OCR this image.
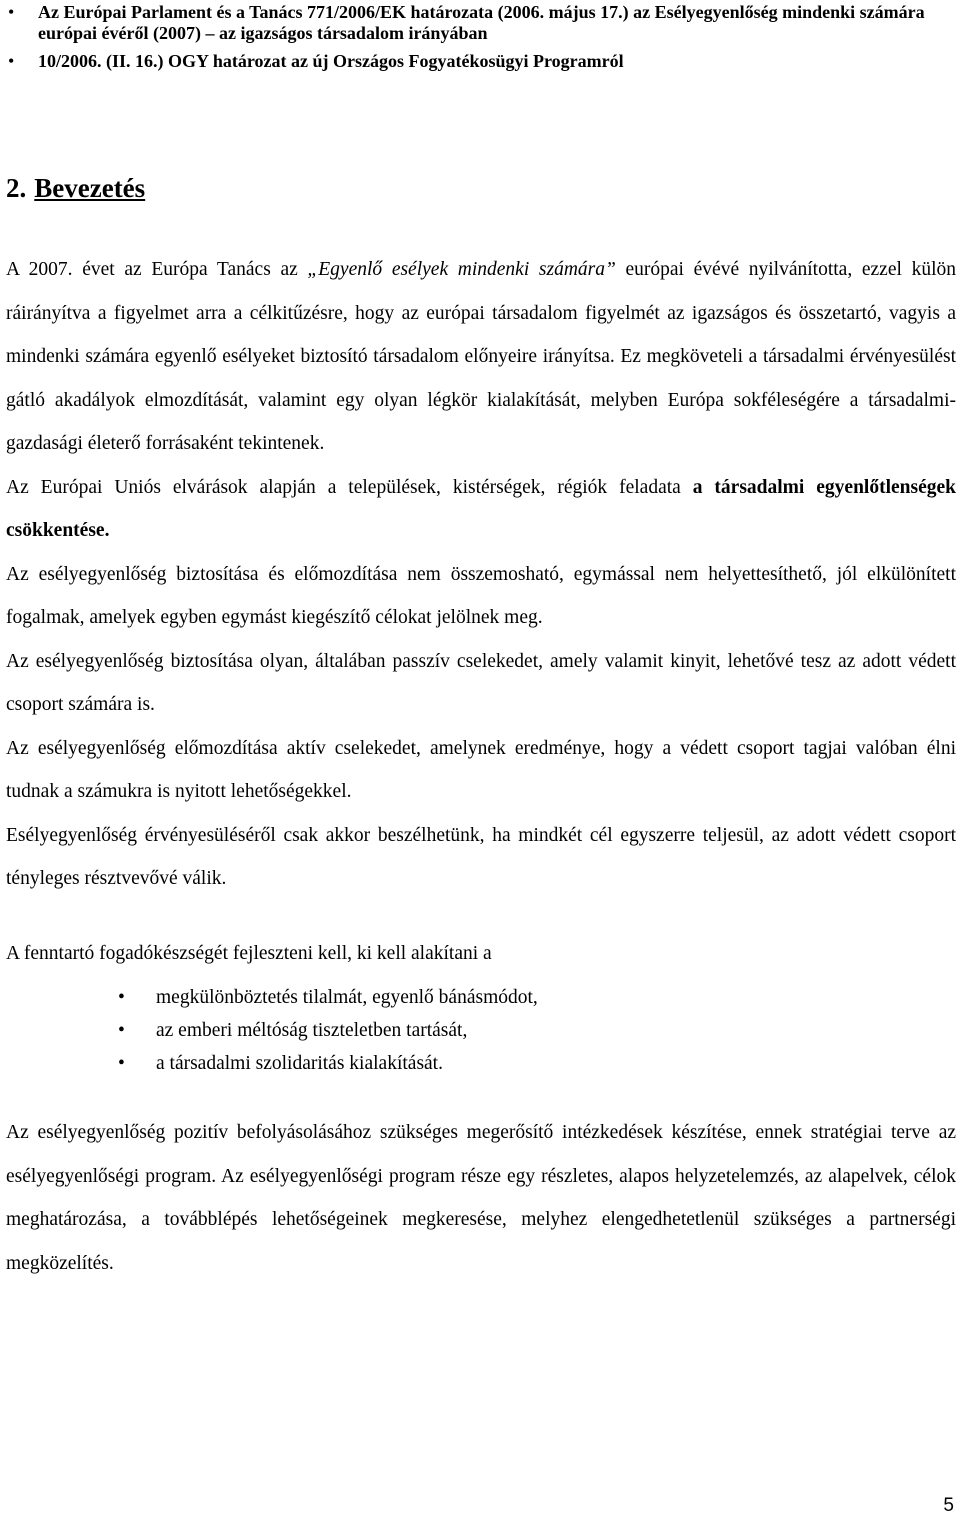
• Az Európai Parlament és a Tanács 771/2006/EK határozata (2006. május 17.) az Esélyegyenlőség mindenki számára európai évéről (2007) – az igazságos társadalom irányában
• 10/2006. (II. 16.) OGY határozat az új Országos Fogyatékosügyi Programról
2. Bevezetés

A 2007. évet az Európa Tanács az „Egyenlő esélyek mindenki számára” európai évévé nyilvánította, ezzel külön ráirányítva a figyelmet arra a célkitűzésre, hogy az európai társadalom figyelmét az igazságos és összetartó, vagyis a mindenki számára egyenlő esélyeket biztosító társadalom előnyeire irányítsa. Ez megköveteli a társadalmi érvényesülést gátló akadályok elmozdítását, valamint egy olyan légkör kialakítását, melyben Európa sokféleségére a társadalmi-gazdasági életerő forrásaként tekintenek.

Az Európai Uniós elvárások alapján a települések, kistérségek, régiók feladata a társadalmi egyenlőtlenségek csökkentése.

Az esélyegyenlőség biztosítása és előmozdítása nem összemosható, egymással nem helyettesíthető, jól elkülönített fogalmak, amelyek egyben egymást kiegészítő célokat jelölnek meg.

Az esélyegyenlőség biztosítása olyan, általában passzív cselekedet, amely valamit kinyit, lehetővé tesz az adott védett csoport számára is.

Az esélyegyenlőség előmozdítása aktív cselekedet, amelynek eredménye, hogy a védett csoport tagjai valóban élni tudnak a számukra is nyitott lehetőségekkel.

Esélyegyenlőség érvényesüléséről csak akkor beszélhetünk, ha mindkét cél egyszerre teljesül, az adott védett csoport tényleges résztvevővé válik.

A fenntartó fogadókészségét fejleszteni kell, ki kell alakítani a

• megkülönböztetés tilalmát, egyenlő bánásmódot,
• az emberi méltóság tiszteletben tartását,
• a társadalmi szolidaritás kialakítását.

Az esélyegyenlőség pozitív befolyásolásához szükséges megerősítő intézkedések készítése, ennek stratégiai terve az esélyegyenlőségi program. Az esélyegyenlőségi program része egy részletes, alapos helyzetelemzés, az alapelvek, célok meghatározása, a továbblépés lehetőségeinek megkeresése, melyhez elengedhetetlenül szükséges a partnerségi megközelítés.

5
